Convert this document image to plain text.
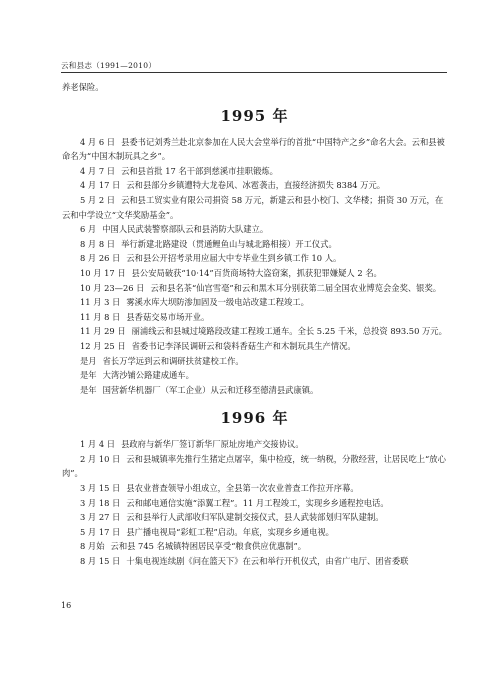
云和县志（1991—2010）
养老保险。
1995 年
4 月 6 日 县委书记刘秀兰赴北京参加在人民大会堂举行的首批“中国特产之乡”命名大会。云和县被命名为“中国木制玩具之乡”。
4 月 7 日 云和县首批 17 名干部到慈溪市挂职锻炼。
4 月 17 日 云和县部分乡镇遭特大龙卷风、冰雹袭击，直接经济损失 8384 万元。
5 月 2 日 云和县工贸实业有限公司捐资 58 万元，新建云和县小校门、文华楼；捐资 30 万元，在云和中学设立“文华奖励基金”。
6 月 中国人民武装警察部队云和县消防大队建立。
8 月 8 日 举行新建北路建设（贯通鲤鱼山与城北路相接）开工仪式。
8 月 26 日 云和县公开招考录用应届大中专毕业生到乡镇工作 10 人。
10 月 17 日 县公安局破获“10·14”百货商场特大盗窃案，抓获犯罪嫌疑人 2 名。
10 月 23—26 日 云和县名茶“仙宫雪毫”和云和黑木耳分别获第二届全国农业博览会金奖、银奖。
11 月 3 日 雾溪水库大坝防渗加固及一级电站改建工程竣工。
11 月 8 日 县香菇交易市场开业。
11 月 29 日 丽浦线云和县城过境路段改建工程竣工通车。全长 5.25 千米，总投资 893.50 万元。
12 月 25 日 省委书记李泽民调研云和袋料香菇生产和木制玩具生产情况。
是月 省长万学远到云和调研扶贫建校工作。
是年 大湾沙铺公路建成通车。
是年 国营新华机器厂（军工企业）从云和迁移至德清县武康镇。
1996 年
1 月 4 日 县政府与新华厂签订新华厂原址房地产交接协议。
2 月 10 日 云和县城镇率先推行生猪定点屠宰，集中检疫，统一纳税，分散经营，让居民吃上“放心肉”。
3 月 15 日 县农业普查领导小组成立，全县第一次农业普查工作拉开序幕。
3 月 18 日 云和邮电通信实施“添翼工程”。11 月工程竣工，实现乡乡通程控电话。
3 月 27 日 云和县举行人武部收归军队建制交接仪式，县人武装部划归军队建制。
5 月 17 日 县广播电视局“彩虹工程”启动。年底，实现乡乡通电视。
8 月始 云和县 745 名城镇特困居民享受“粮食供应优惠制”。
8 月 15 日 十集电视连续剧《问在篮天下》在云和举行开机仪式，由省广电厅、团省委联
16
